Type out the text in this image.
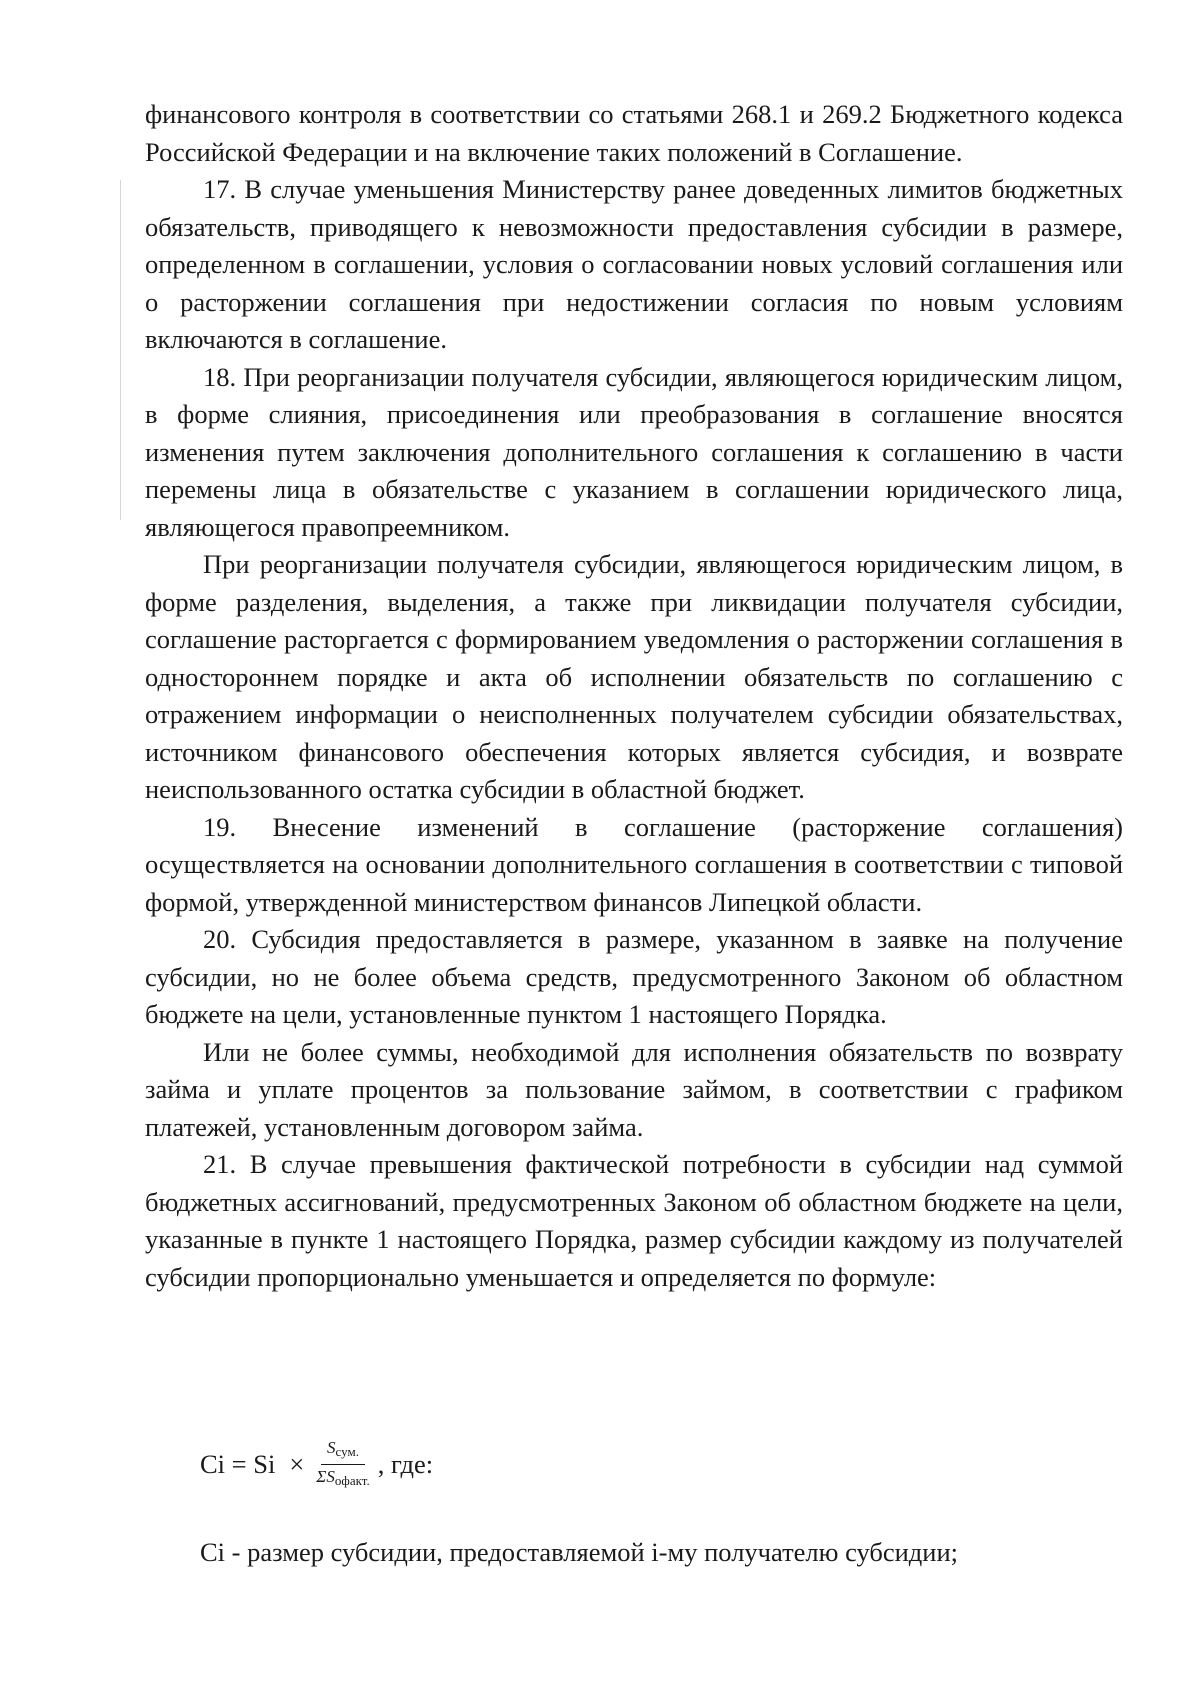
финансового контроля в соответствии со статьями 268.1 и 269.2 Бюджетного кодекса Российской Федерации и на включение таких положений в Соглашение.

17. В случае уменьшения Министерству ранее доведенных лимитов бюджетных обязательств, приводящего к невозможности предоставления субсидии в размере, определенном в соглашении, условия о согласовании новых условий соглашения или о расторжении соглашения при недостижении согласия по новым условиям включаются в соглашение.

18. При реорганизации получателя субсидии, являющегося юридическим лицом, в форме слияния, присоединения или преобразования в соглашение вносятся изменения путем заключения дополнительного соглашения к соглашению в части перемены лица в обязательстве с указанием в соглашении юридического лица, являющегося правопреемником.

При реорганизации получателя субсидии, являющегося юридическим лицом, в форме разделения, выделения, а также при ликвидации получателя субсидии, соглашение расторгается с формированием уведомления о расторжении соглашения в одностороннем порядке и акта об исполнении обязательств по соглашению с отражением информации о неисполненных получателем субсидии обязательствах, источником финансового обеспечения которых является субсидия, и возврате неиспользованного остатка субсидии в областной бюджет.

19. Внесение изменений в соглашение (расторжение соглашения) осуществляется на основании дополнительного соглашения в соответствии с типовой формой, утвержденной министерством финансов Липецкой области.

20. Субсидия предоставляется в размере, указанном в заявке на получение субсидии, но не более объема средств, предусмотренного Законом об областном бюджете на цели, установленные пунктом 1 настоящего Порядка.

Или не более суммы, необходимой для исполнения обязательств по возврату займа и уплате процентов за пользование займом, в соответствии с графиком платежей, установленным договором займа.

21. В случае превышения фактической потребности в субсидии над суммой бюджетных ассигнований, предусмотренных Законом об областном бюджете на цели, указанные в пункте 1 настоящего Порядка, размер субсидии каждому из получателей субсидии пропорционально уменьшается и определяется по формуле:

$Ci = Si \times \frac{S_{сум.}}{\Sigma S_{офакт.}}$ , где:
Ci - размер субсидии, предоставляемой i-му получателю субсидии;
